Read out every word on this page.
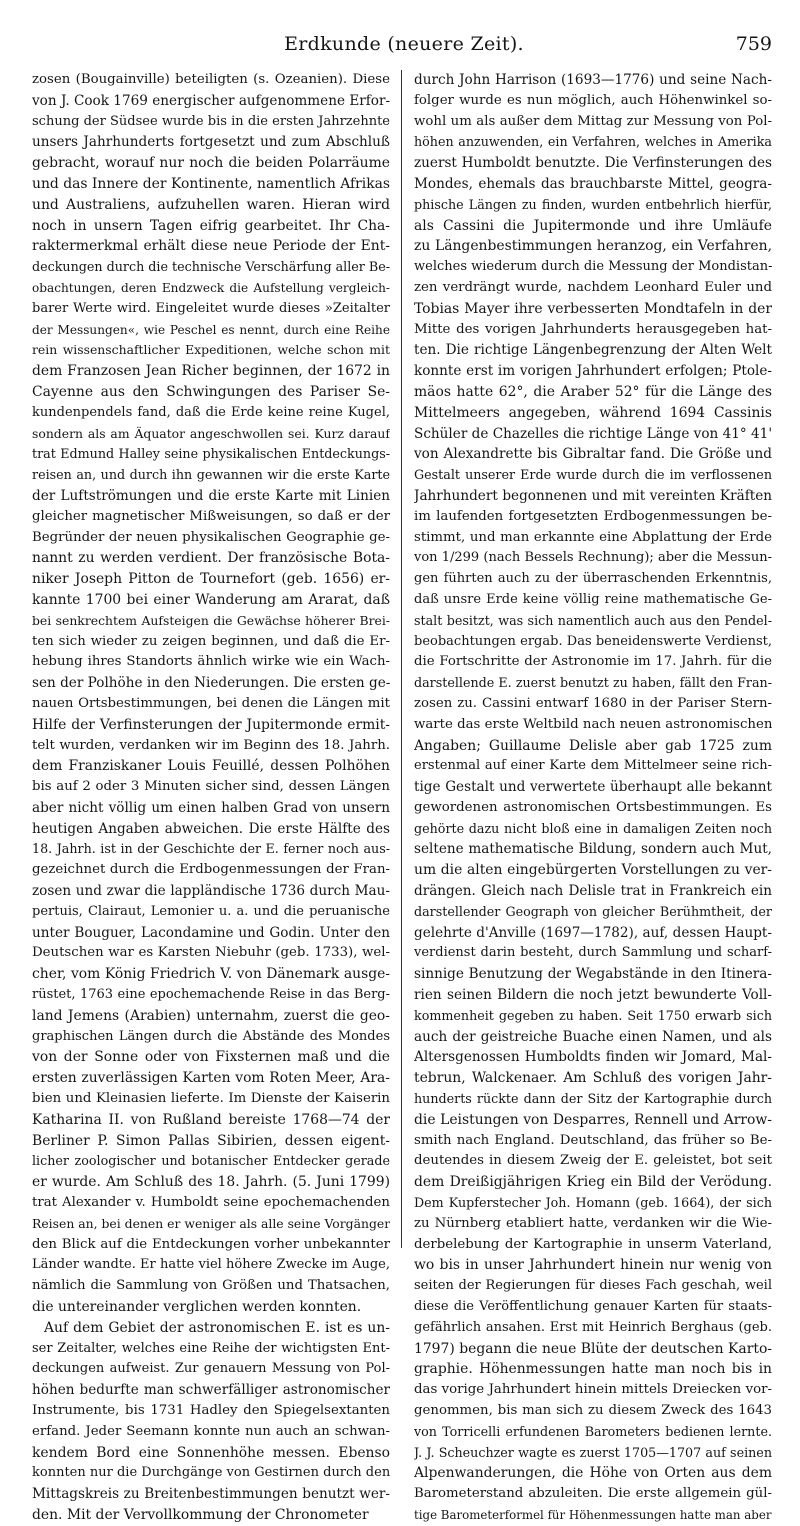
Erdkunde (neuere Zeit).	759
zosen (Bougainville) beteiligten (s. Ozeanien). Diese
von J. Cook 1769 energischer aufgenommene Erfor-
schung der Südsee wurde bis in die ersten Jahrzehnte
unsers Jahrhunderts fortgesetzt und zum Abschluß
gebracht, worauf nur noch die beiden Polarräume
und das Innere der Kontinente, namentlich Afrikas
und Australiens, aufzuhellen waren. Hieran wird
noch in unsern Tagen eifrig gearbeitet. Ihr Cha-
raktermerkmal erhält diese neue Periode der Ent-
deckungen durch die technische Verschärfung aller Be-
obachtungen, deren Endzweck die Aufstellung vergleich-
barer Werte wird. Eingeleitet wurde dieses »Zeitalter
der Messungen«, wie Peschel es nennt, durch eine Reihe
rein wissenschaftlicher Expeditionen, welche schon mit
dem Franzosen Jean Richer beginnen, der 1672 in
Cayenne aus den Schwingungen des Pariser Se-
kundenpendels fand, daß die Erde keine reine Kugel,
sondern als am Äquator angeschwollen sei. Kurz darauf
trat Edmund Halley seine physikalischen Entdeckungs-
reisen an, und durch ihn gewannen wir die erste Karte
der Luftströmungen und die erste Karte mit Linien
gleicher magnetischer Mißweisungen, so daß er der
Begründer der neuen physikalischen Geographie ge-
nannt zu werden verdient. Der französische Bota-
niker Joseph Pitton de Tournefort (geb. 1656) er-
kannte 1700 bei einer Wanderung am Ararat, daß
bei senkrechtem Aufsteigen die Gewächse höherer Brei-
ten sich wieder zu zeigen beginnen, und daß die Er-
hebung ihres Standorts ähnlich wirke wie ein Wach-
sen der Polhöhe in den Niederungen. Die ersten ge-
nauen Ortsbestimmungen, bei denen die Längen mit
Hilfe der Verfinsterungen der Jupitermonde ermit-
telt wurden, verdanken wir im Beginn des 18. Jahrh.
dem Franziskaner Louis Feuillé, dessen Polhöhen
bis auf 2 oder 3 Minuten sicher sind, dessen Längen
aber nicht völlig um einen halben Grad von unsern
heutigen Angaben abweichen. Die erste Hälfte des
18. Jahrh. ist in der Geschichte der E. ferner noch aus-
gezeichnet durch die Erdbogenmessungen der Fran-
zosen und zwar die lappländische 1736 durch Mau-
pertuis, Clairaut, Lemonier u. a. und die peruanische
unter Bouguer, Lacondamine und Godin. Unter den
Deutschen war es Karsten Niebuhr (geb. 1733), wel-
cher, vom König Friedrich V. von Dänemark ausge-
rüstet, 1763 eine epochemachende Reise in das Berg-
land Jemens (Arabien) unternahm, zuerst die geo-
graphischen Längen durch die Abstände des Mondes
von der Sonne oder von Fixsternen maß und die
ersten zuverlässigen Karten vom Roten Meer, Ara-
bien und Kleinasien lieferte. Im Dienste der Kaiserin
Katharina II. von Rußland bereiste 1768—74 der
Berliner P. Simon Pallas Sibirien, dessen eigent-
licher zoologischer und botanischer Entdecker gerade
er wurde. Am Schluß des 18. Jahrh. (5. Juni 1799)
trat Alexander v. Humboldt seine epochemachenden
Reisen an, bei denen er weniger als alle seine Vorgänger
den Blick auf die Entdeckungen vorher unbekannter
Länder wandte. Er hatte viel höhere Zwecke im Auge,
nämlich die Sammlung von Größen und Thatsachen,
die untereinander verglichen werden konnten.
Auf dem Gebiet der astronomischen E. ist es un-
ser Zeitalter, welches eine Reihe der wichtigsten Ent-
deckungen aufweist. Zur genauern Messung von Pol-
höhen bedurfte man schwerfälliger astronomischer
Instrumente, bis 1731 Hadley den Spiegelsextanten
erfand. Jeder Seemann konnte nun auch an schwan-
kendem Bord eine Sonnenhöhe messen. Ebenso
konnten nur die Durchgänge von Gestirnen durch den
Mittagskreis zu Breitenbestimmungen benutzt wer-
den. Mit der Vervollkommung der Chronometer
durch John Harrison (1693—1776) und seine Nach-
folger wurde es nun möglich, auch Höhenwinkel so-
wohl um als außer dem Mittag zur Messung von Pol-
höhen anzuwenden, ein Verfahren, welches in Amerika
zuerst Humboldt benutzte. Die Verfinsterungen des
Mondes, ehemals das brauchbarste Mittel, geogra-
phische Längen zu finden, wurden entbehrlich hierfür,
als Cassini die Jupitermonde und ihre Umläufe
zu Längenbestimmungen heranzog, ein Verfahren,
welches wiederum durch die Messung der Mondistan-
zen verdrängt wurde, nachdem Leonhard Euler und
Tobias Mayer ihre verbesserten Mondtafeln in der
Mitte des vorigen Jahrhunderts herausgegeben hat-
ten. Die richtige Längenbegrenzung der Alten Welt
konnte erst im vorigen Jahrhundert erfolgen; Ptole-
mäos hatte 62°, die Araber 52° für die Länge des
Mittelmeers angegeben, während 1694 Cassinis
Schüler de Chazelles die richtige Länge von 41° 41'
von Alexandrette bis Gibraltar fand. Die Größe und
Gestalt unserer Erde wurde durch die im verflossenen
Jahrhundert begonnenen und mit vereinten Kräften
im laufenden fortgesetzten Erdbogenmessungen be-
stimmt, und man erkannte eine Abplattung der Erde
von 1/299 (nach Bessels Rechnung); aber die Messun-
gen führten auch zu der überraschenden Erkenntnis,
daß unsre Erde keine völlig reine mathematische Ge-
stalt besitzt, was sich namentlich auch aus den Pendel-
beobachtungen ergab. Das beneidenswerte Verdienst,
die Fortschritte der Astronomie im 17. Jahrh. für die
darstellende E. zuerst benutzt zu haben, fällt den Fran-
zosen zu. Cassini entwarf 1680 in der Pariser Stern-
warte das erste Weltbild nach neuen astronomischen
Angaben; Guillaume Delisle aber gab 1725 zum
erstenmal auf einer Karte dem Mittelmeer seine rich-
tige Gestalt und verwertete überhaupt alle bekannt
gewordenen astronomischen Ortsbestimmungen. Es
gehörte dazu nicht bloß eine in damaligen Zeiten noch
seltene mathematische Bildung, sondern auch Mut,
um die alten eingebürgerten Vorstellungen zu ver-
drängen. Gleich nach Delisle trat in Frankreich ein
darstellender Geograph von gleicher Berühmtheit, der
gelehrte d'Anville (1697—1782), auf, dessen Haupt-
verdienst darin besteht, durch Sammlung und scharf-
sinnige Benutzung der Wegabstände in den Itinera-
rien seinen Bildern die noch jetzt bewunderte Voll-
kommenheit gegeben zu haben. Seit 1750 erwarb sich
auch der geistreiche Buache einen Namen, und als
Altersgenossen Humboldts finden wir Jomard, Mal-
tebrun, Walckenaer. Am Schluß des vorigen Jahr-
hunderts rückte dann der Sitz der Kartographie durch
die Leistungen von Desparres, Rennell und Arrow-
smith nach England. Deutschland, das früher so Be-
deutendes in diesem Zweig der E. geleistet, bot seit
dem Dreißigjährigen Krieg ein Bild der Verödung.
Dem Kupferstecher Joh. Homann (geb. 1664), der sich
zu Nürnberg etabliert hatte, verdanken wir die Wie-
derbelebung der Kartographie in unserm Vaterland,
wo bis in unser Jahrhundert hinein nur wenig von
seiten der Regierungen für dieses Fach geschah, weil
diese die Veröffentlichung genauer Karten für staats-
gefährlich ansahen. Erst mit Heinrich Berghaus (geb.
1797) begann die neue Blüte der deutschen Karto-
graphie. Höhenmessungen hatte man noch bis in
das vorige Jahrhundert hinein mittels Dreiecken vor-
genommen, bis man sich zu diesem Zweck des 1643
von Torricelli erfundenen Barometers bedienen lernte.
J. J. Scheuchzer wagte es zuerst 1705—1707 auf seinen
Alpenwanderungen, die Höhe von Orten aus dem
Barometerstand abzuleiten. Die erste allgemein gül-
tige Barometerformel für Höhenmessungen hatte man aber
